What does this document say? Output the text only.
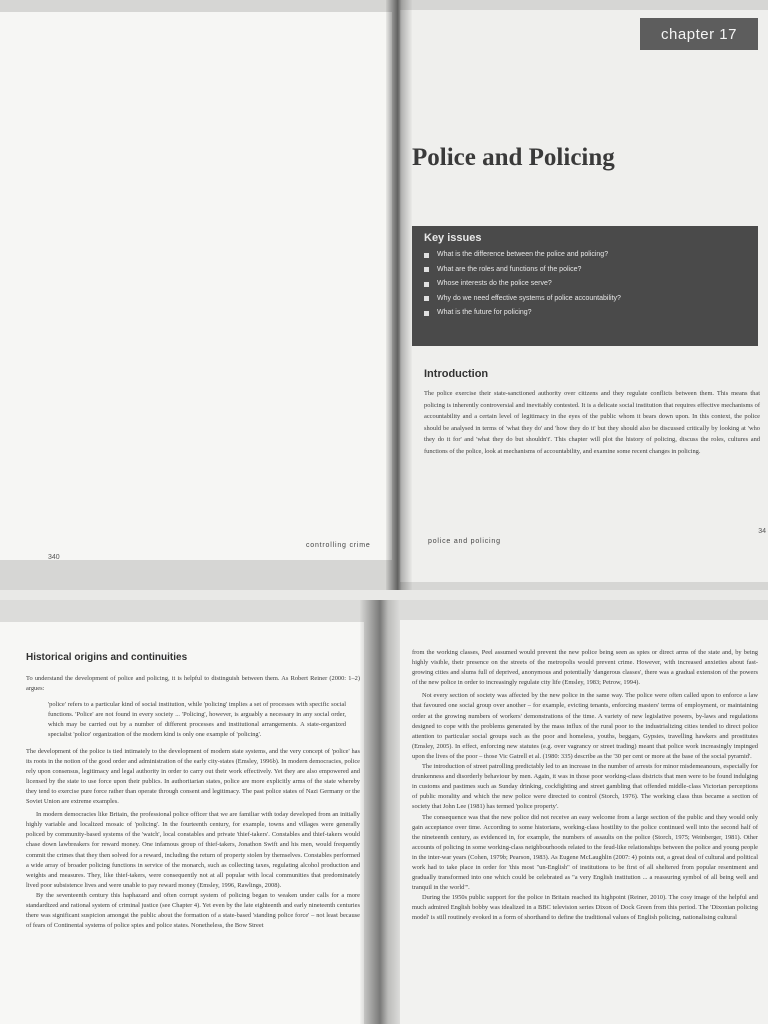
controlling crime
340
chapter 17
Police and Policing
Key issues
What is the difference between the police and policing?
What are the roles and functions of the police?
Whose interests do the police serve?
Why do we need effective systems of police accountability?
What is the future for policing?
Introduction
The police exercise their state-sanctioned authority over citizens and they regulate conflicts between them. This means that policing is inherently controversial and inevitably contested. It is a delicate social institution that requires effective mechanisms of accountability and a certain level of legitimacy in the eyes of the public whom it bears down upon. In this context, the police should be analysed in terms of 'what they do' and 'how they do it' but they should also be discussed critically by looking at 'who they do it for' and 'what they do but shouldn't'. This chapter will plot the history of policing, discuss the roles, cultures and functions of the police, look at mechanisms of accountability, and examine some recent changes in policing.
police and policing
34
Historical origins and continuities

To understand the development of police and policing, it is helpful to distinguish between them. As Robert Reiner (2000: 1–2) argues:

'police' refers to a particular kind of social institution, while 'policing' implies a set of processes with specific social functions. 'Police' are not found in every society ... 'Policing', however, is arguably a necessary in any social order, which may be carried out by a number of different processes and institutional arrangements. A state-organized specialist 'police' organization of the modern kind is only one example of 'policing'.

The development of the police is tied intimately to the development of modern state systems, and the very concept of 'police' has its roots in the notion of the good order and administration of the early city-states (Emsley, 1996b). In modern democracies, police rely upon consensus, legitimacy and legal authority in order to carry out their work effectively. Yet they are also empowered and licensed by the state to use force upon their publics. In authoritarian states, police are more explicitly arms of the state whereby they tend to exercise pure force rather than operate through consent and legitimacy. The past police states of Nazi Germany or the Soviet Union are extreme examples.

In modern democracies like Britain, the professional police officer that we are familiar with today developed from an initially highly variable and localized mosaic of 'policing'. In the fourteenth century, for example, towns and villages were generally policed by community-based systems of the 'watch', local constables and private 'thief-takers'. Constables and thief-takers would chase down lawbreakers for reward money. One infamous group of thief-takers, Jonathon Swift and his men, would frequently commit the crimes that they then solved for a reward, including the return of property stolen by themselves. Constables performed a wide array of broader policing functions in service of the monarch, such as collecting taxes, regulating alcohol production and weights and measures. They, like thief-takers, were consequently not at all popular with local communities that predominately lived poor subsistence lives and were unable to pay reward money (Emsley, 1996, Rawlings, 2008).

By the seventeenth century this haphazard and often corrupt system of policing began to weaken under calls for a more standardized and rational system of criminal justice (see Chapter 4). Yet even by the late eighteenth and early nineteenth centuries there was significant suspicion amongst the public about the formation of a state-based 'standing police force' – not least because of fears of Continental systems of police spies and police states. Nonetheless, the Bow Street

from the working classes, Peel assumed would prevent the new police being seen as spies or direct arms of the state and, by being highly visible, their presence on the streets of the metropolis would prevent crime. However, with increased anxieties about fast-growing cities and slums full of deprived, anonymous and potentially 'dangerous classes', there was a gradual extension of the powers of the new police in order to increasingly regulate city life (Emsley, 1983; Petrow, 1994).

Not every section of society was affected by the new police in the same way. The police were often called upon to enforce a law that favoured one social group over another – for example, evicting tenants, enforcing masters' terms of employment, or maintaining order at the growing numbers of workers' demonstrations of the time. A variety of new legislative powers, by-laws and regulations designed to cope with the problems generated by the mass influx of the rural poor to the industrializing cities tended to direct police attention to particular social groups such as the poor and homeless, youths, beggars, Gypsies, travelling hawkers and prostitutes (Emsley, 2005). In effect, enforcing new statutes (e.g. over vagrancy or street trading) meant that police work increasingly impinged upon the lives of the poor – those Vic Gatrell et al. (1980: 335) describe as the '30 per cent or more at the base of the social pyramid'.

The introduction of street patrolling predictably led to an increase in the number of arrests for minor misdemeanours, especially for drunkenness and disorderly behaviour by men. Again, it was in those poor working-class districts that men were to be found indulging in customs and pastimes such as Sunday drinking, cockfighting and street gambling that offended middle-class Victorian perceptions of public morality and which the new police were directed to control (Storch, 1976). The working class thus became a section of society that John Lee (1981) has termed 'police property'.

The consequence was that the new police did not receive an easy welcome from a large section of the public and they would only gain acceptance over time. According to some historians, working-class hostility to the police continued well into the second half of the nineteenth century, as evidenced in, for example, the numbers of assaults on the police (Storch, 1975; Weinberger, 1981). Other accounts of policing in some working-class neighbourhoods related to the feud-like relationships between the police and young people in the inter-war years (Cohen, 1979b; Pearson, 1983). As Eugene McLaughlin (2007: 4) points out, a great deal of cultural and political work had to take place in order for 'this most "un-English" of institutions to be first of all sheltered from popular resentment and gradually transformed into one which could be celebrated as "a very English institution ... a reassuring symbol of all being well and tranquil in the world"'.

During the 1950s public support for the police in Britain reached its highpoint (Reiner, 2010). The cosy image of the helpful and much admired English bobby was idealized in a BBC television series Dixon of Dock Green from this period. The 'Dixonian policing model' is still routinely evoked in a form of shorthand to define the traditional values of English policing, nationalising cultural
